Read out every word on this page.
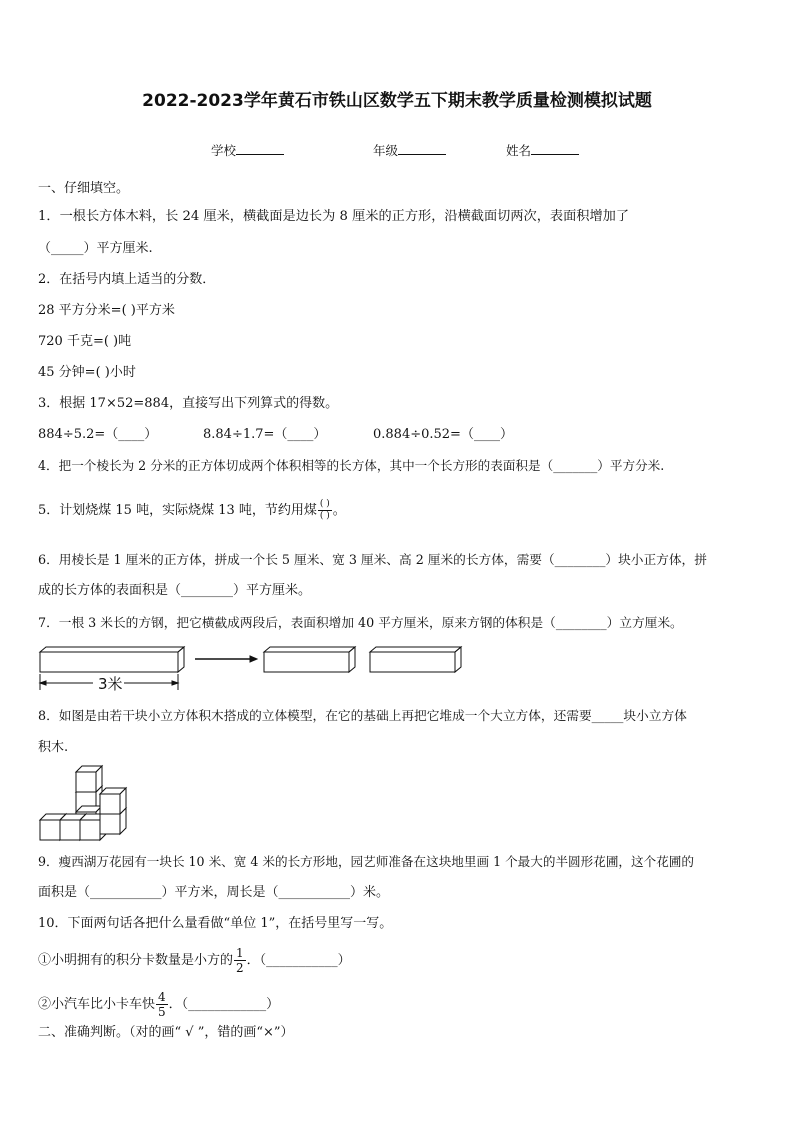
2022-2023学年黄石市铁山区数学五下期末教学质量检测模拟试题
学校	年级	姓名
一、仔细填空。
1．一根长方体木料，长 24 厘米，横截面是边长为 8 厘米的正方形，沿横截面切两次，表面积增加了
（_____）平方厘米.
2．在括号内填上适当的分数．
28 平方分米=( )平方米
720 千克=( )吨
45 分钟=( )小时
3．根据 17×52=884，直接写出下列算式的得数。
884÷5.2=（____）	8.84÷1.7=（____）	0.884÷0.52=（____）
4．把一个棱长为 2 分米的正方体切成两个体积相等的长方体，其中一个长方形的表面积是（_______）平方分米.
5．计划烧煤 15 吨，实际烧煤 13 吨，节约用煤 $\frac{( )}{( )}$ 。
6．用棱长是 1 厘米的正方体，拼成一个长 5 厘米、宽 3 厘米、高 2 厘米的长方体，需要（________）块小正方体，拼
成的长方体的表面积是（________）平方厘米。
7．一根 3 米长的方钢，把它横截成两段后，表面积增加 40 平方厘米，原来方钢的体积是（________）立方厘米。
3米
8．如图是由若干块小立方体积木搭成的立体模型，在它的基础上再把它堆成一个大立方体，还需要_____块小立方体
积木.
9．瘦西湖万花园有一块长 10 米、宽 4 米的长方形地，园艺师准备在这块地里画 1 个最大的半圆形花圃，这个花圃的
面积是（___________）平方米，周长是（___________）米。
10．下面两句话各把什么量看做“单位 1”，在括号里写一写。
①小明拥有的积分卡数量是小方的 $\frac{1}{2}$ ．（___________）
②小汽车比小卡车快 $\frac{4}{5}$ ．（____________）
二、准确判断。（对的画“ √ ”，错的画“×”）
